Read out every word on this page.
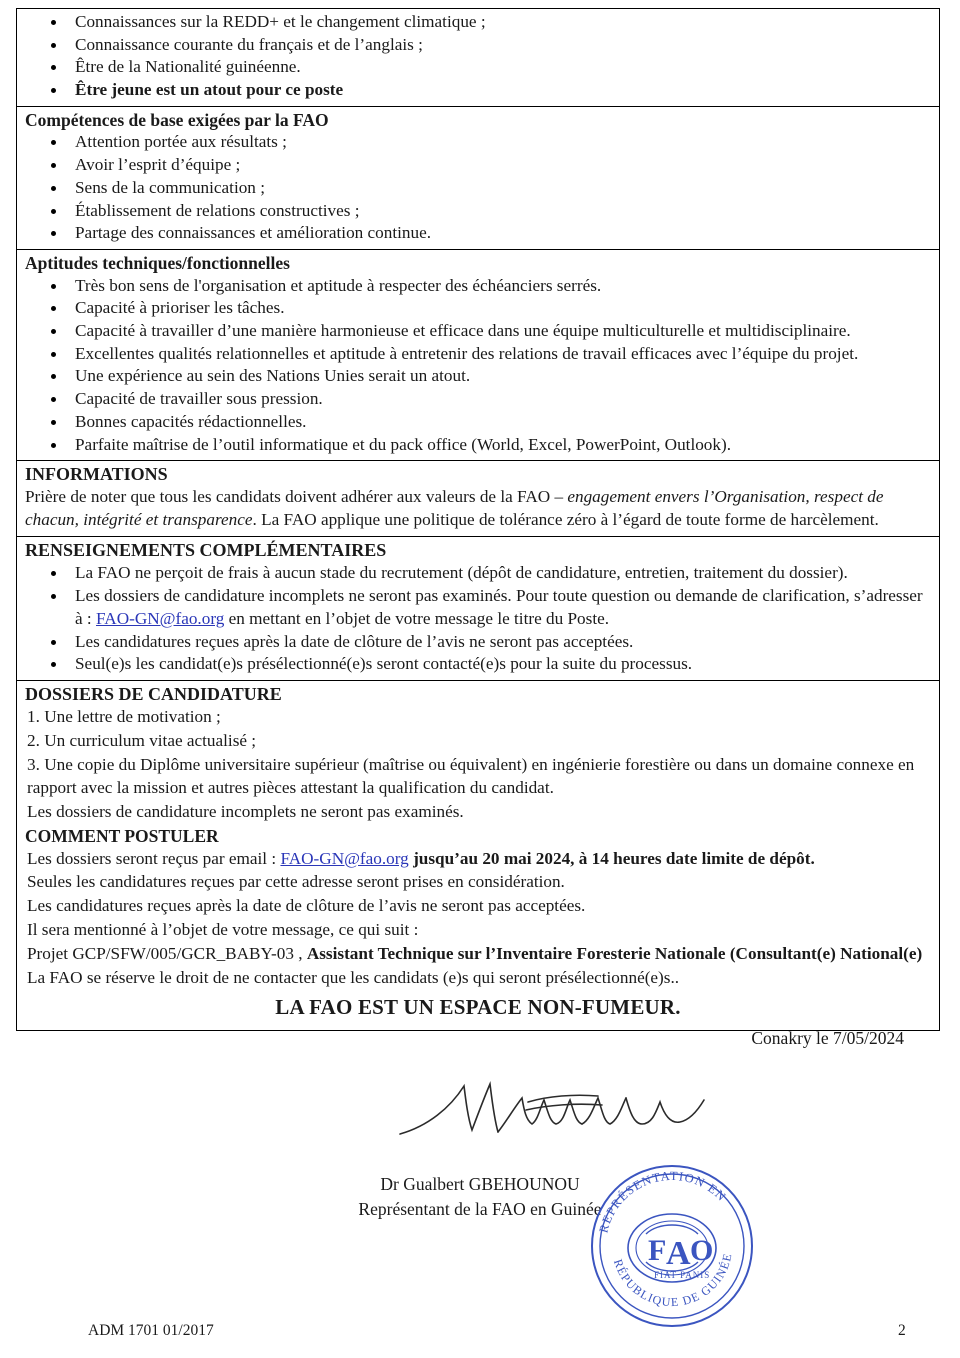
Connaissances sur la REDD+ et le changement climatique ;
Connaissance courante du français et de l’anglais ;
Être de la Nationalité guinéenne.
Être jeune est un atout pour ce poste
Compétences de base exigées par la FAO
Attention portée aux résultats ;
Avoir l’esprit d’équipe ;
Sens de la communication ;
Établissement de relations constructives ;
Partage des connaissances et amélioration continue.
Aptitudes techniques/fonctionnelles
Très bon sens de l'organisation et aptitude à respecter des échéanciers serrés.
Capacité à prioriser les tâches.
Capacité à travailler d’une manière harmonieuse et efficace dans une équipe multiculturelle et multidisciplinaire.
Excellentes qualités relationnelles et aptitude à entretenir des relations de travail efficaces avec l’équipe du projet.
Une expérience au sein des Nations Unies serait un atout.
Capacité de travailler sous pression.
Bonnes capacités rédactionnelles.
Parfaite maîtrise de l’outil informatique et du pack office (World, Excel, PowerPoint, Outlook).
INFORMATIONS

Prière de noter que tous les candidats doivent adhérer aux valeurs de la FAO – engagement envers l’Organisation, respect de chacun, intégrité et transparence. La FAO applique une politique de tolérance zéro à l’égard de toute forme de harcèlement.

RENSEIGNEMENTS COMPLÉMENTAIRES
La FAO ne perçoit de frais à aucun stade du recrutement (dépôt de candidature, entretien, traitement du dossier).
Les dossiers de candidature incomplets ne seront pas examinés. Pour toute question ou demande de clarification, s’adresser à : FAO-GN@fao.org en mettant en l’objet de votre message le titre du Poste.
Les candidatures reçues après la date de clôture de l’avis ne seront pas acceptées.
Seul(e)s les candidat(e)s présélectionné(e)s seront contacté(e)s pour la suite du processus.
DOSSIERS DE CANDIDATURE

1. Une lettre de motivation ;

2. Un curriculum vitae actualisé ;

3. Une copie du Diplôme universitaire supérieur (maîtrise ou équivalent) en ingénierie forestière ou dans un domaine connexe en rapport avec la mission et autres pièces attestant la qualification du candidat.

Les dossiers de candidature incomplets ne seront pas examinés.

COMMENT POSTULER

Les dossiers seront reçus par email : FAO-GN@fao.org jusqu’au 20 mai 2024, à 14 heures date limite de dépôt.

Seules les candidatures reçues par cette adresse seront prises en considération.

Les candidatures reçues après la date de clôture de l’avis ne seront pas acceptées.

Il sera mentionné à l’objet de votre message, ce qui suit :

Projet GCP/SFW/005/GCR_BABY-03 , Assistant Technique sur l’Inventaire Foresterie Nationale (Consultant(e) National(e)

La FAO se réserve le droit de ne contacter que les candidats (e)s qui seront présélectionné(e)s..

LA FAO EST UN ESPACE NON-FUMEUR.
Conakry le 7/05/2024
Dr Gualbert GBEHOUNOU
Représentant de la FAO en Guinée
REPRÉSENTATION EN
RÉPUBLIQUE DE GUINÉE
F A O
FIAT PANIS
ADM 1701 01/2017	2
